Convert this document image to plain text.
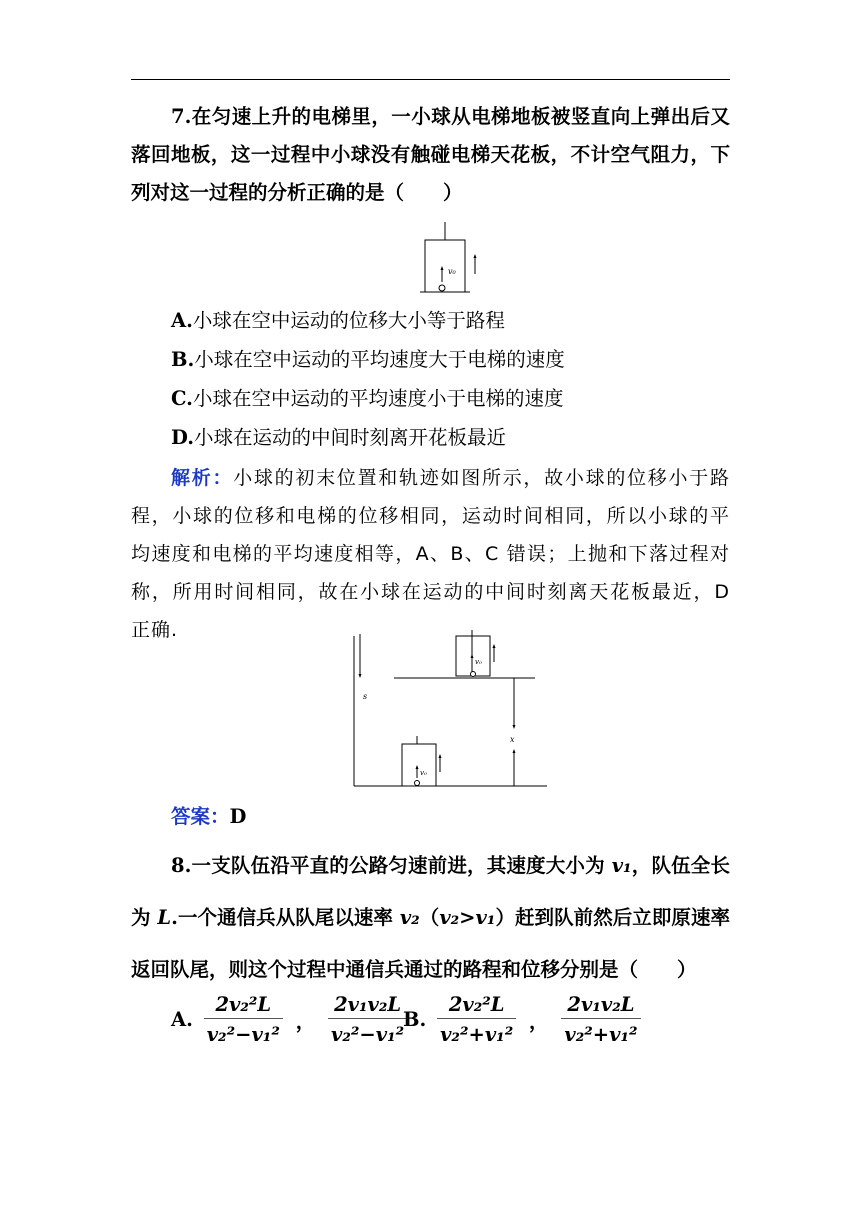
7.在匀速上升的电梯里，一小球从电梯地板被竖直向上弹出后又落回地板，这一过程中小球没有触碰电梯天花板，不计空气阻力，下列对这一过程的分析正确的是（　　）
v₀
A.小球在空中运动的位移大小等于路程
B.小球在空中运动的平均速度大于电梯的速度
C.小球在空中运动的平均速度小于电梯的速度
D.小球在运动的中间时刻离开花板最近
解析：小球的初末位置和轨迹如图所示，故小球的位移小于路程，小球的位移和电梯的位移相同，运动时间相同，所以小球的平均速度和电梯的平均速度相等，A、B、C 错误；上抛和下落过程对称，所用时间相同，故在小球在运动的中间时刻离天花板最近，D 正确.
s
v₀
v₀
x
答案：D
8.一支队伍沿平直的公路匀速前进，其速度大小为 v₁，队伍全长为 L.一个通信兵从队尾以速率 v₂（v₂>v₁）赶到队前然后立即原速率返回队尾，则这个过程中通信兵通过的路程和位移分别是（　　）
A. $\frac{\text{2v₂²L}}{\text{v₂²−v₁²}}$ ， $\frac{\text{2v₁v₂L}}{\text{v₂²−v₁²}}$
B. $\frac{\text{2v₂²L}}{\text{v₂²+v₁²}}$ ， $\frac{\text{2v₁v₂L}}{\text{v₂²+v₁²}}$
